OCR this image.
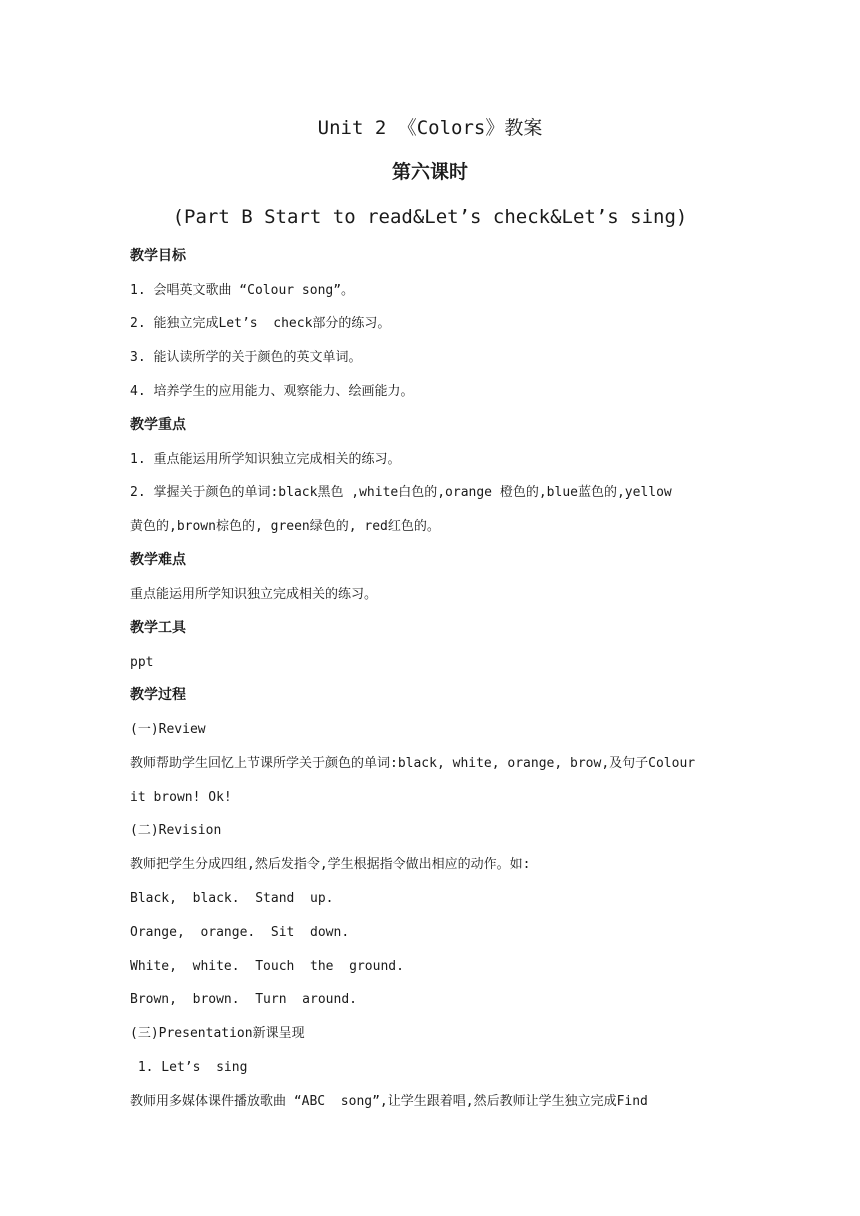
Unit 2 《Colors》教案
第六课时
(Part B Start to read&Let’s check&Let’s sing)
教学目标
1. 会唱英文歌曲 “Colour song”。
2. 能独立完成Let’s  check部分的练习。
3. 能认读所学的关于颜色的英文单词。
4. 培养学生的应用能力、观察能力、绘画能力。
教学重点
1. 重点能运用所学知识独立完成相关的练习。
2. 掌握关于颜色的单词:black黑色 ,white白色的,orange 橙色的,blue蓝色的,yellow
黄色的,brown棕色的, green绿色的, red红色的。
教学难点
重点能运用所学知识独立完成相关的练习。
教学工具
ppt
教学过程
(一)Review
教师帮助学生回忆上节课所学关于颜色的单词:black, white, orange, brow,及句子Colour
it brown! Ok!
(二)Revision
教师把学生分成四组,然后发指令,学生根据指令做出相应的动作。如:
Black,  black.  Stand  up.
Orange,  orange.  Sit  down.
White,  white.  Touch  the  ground.
Brown,  brown.  Turn  around.
(三)Presentation新课呈现
1. Let’s  sing
教师用多媒体课件播放歌曲 “ABC  song”,让学生跟着唱,然后教师让学生独立完成Find
